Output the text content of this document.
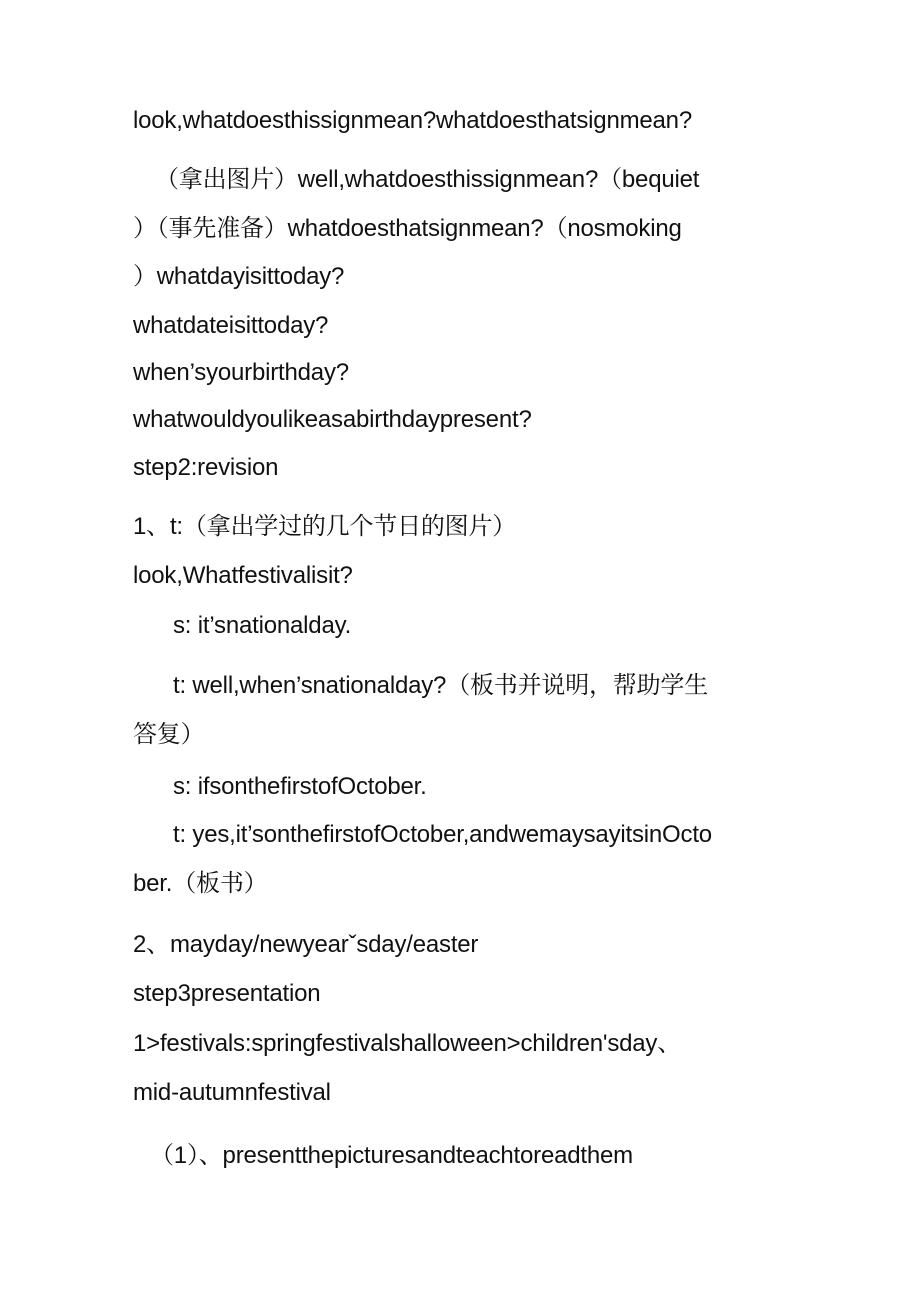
look,whatdoesthissignmean?whatdoesthatsignmean?
（拿出图片）well,whatdoesthissignmean?（bequiet
）（事先准备）whatdoesthatsignmean?（nosmoking
）whatdayisittoday?
whatdateisittoday?
when’syourbirthday?
whatwouldyoulikeasabirthdaypresent?
step2:revision
1、t:（拿出学过的几个节日的图片）
look,Whatfestivalisit?
s: it’snationalday.
t: well,when’snationalday?（板书并说明，帮助学生
答复）
s: ifsonthefirstofOctober.
t: yes,it’sonthefirstofOctober,andwemaysayitsinOcto
ber.（板书）
2、mayday/newyearˇsday/easter
step3presentation
1>festivals:springfestivalshalloween>children'sday、
mid-autumnfestival
（1）、presentthepicturesandteachtoreadthem
